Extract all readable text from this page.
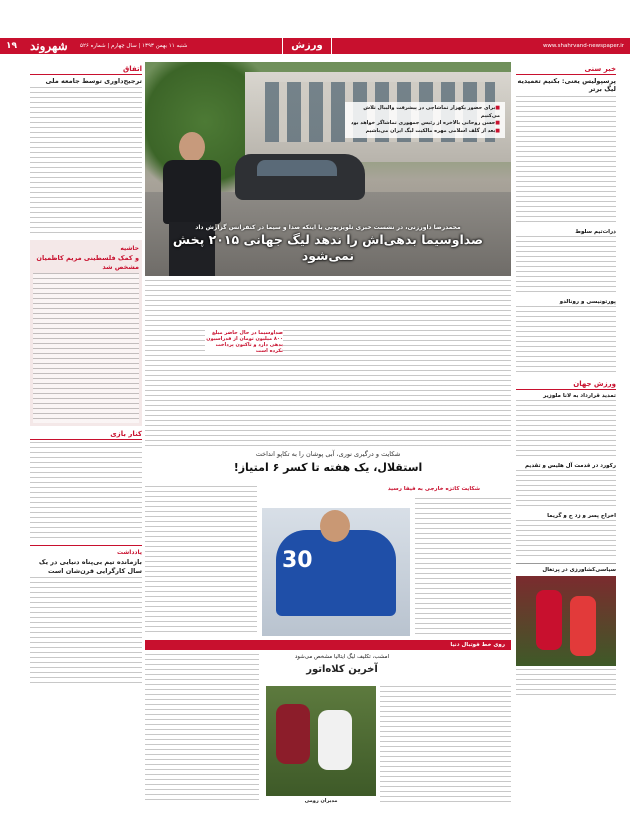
۱۹ شهروند شنبه ۱۱ بهمن ۱۳۹۳ | سال چهارم | شماره ۵۲۶	ورزش	www.shahrvand-newspaper.ir
اتفاق
ترجیح‌داوری توسط جامعه ملی
حاشیه
و کمک فلسطینی مریم کاظمیان مشخص شد
کنار بازی
یادداشت
بازمانده تیم بی‌پناه دنیایی در یک سال کار‌گرایی قرن‌شان است
■ برای حضور یکهزار تماشاچی در پیشرفت والیبال تلاش می‌کنیم
■ حسن روحانی بالاخره از رئیس جمهوری تماشاگر خواهد بود
■ بعد از گلف اسلامی مهره مالکیت لیگ ایران می‌باشیم
محمدرضا داورزنی، در نشست خبری تلویزیونی با اینکه صدا و سیما در کنفرانس گزارش داد
صداوسیما بدهی‌اش را ندهد لیگ جهانی ۲۰۱۵ پخش نمی‌شود
صداوسیما در حال حاضر مبلغ ۸۰۰ میلیون تومان از فدراسیون بدهی دارد و تاکنون پرداخت نکرده است
شکایت و درگیری نوری، آبی پوشان را به تکاپو انداخت
استقلال، یک هفته تا کسر ۶ امتیاز!
شکایت کاتزه خارجی به فیفا رسید
30
روی خط فوتبال دنیا
امشب، تکلیف لیگ ایتالیا مشخص می‌شود
آخرین کلاه‌اتور
مدیران رومی
خبر سنی
پرسپولیس یعنی: بکنیم تعمیدیه ليگ برتر
ذرات‌تیم سلوط
پورتونیسی و رونالدو
ورزش جهان
تمدید‌ قرارداد به لانا ملوزیر
رکورد در قدمت آل هلیس و تقدیم
اخراج پسر و زد ج و گریما
سیاسی‌کشاورزی در پرتغال
